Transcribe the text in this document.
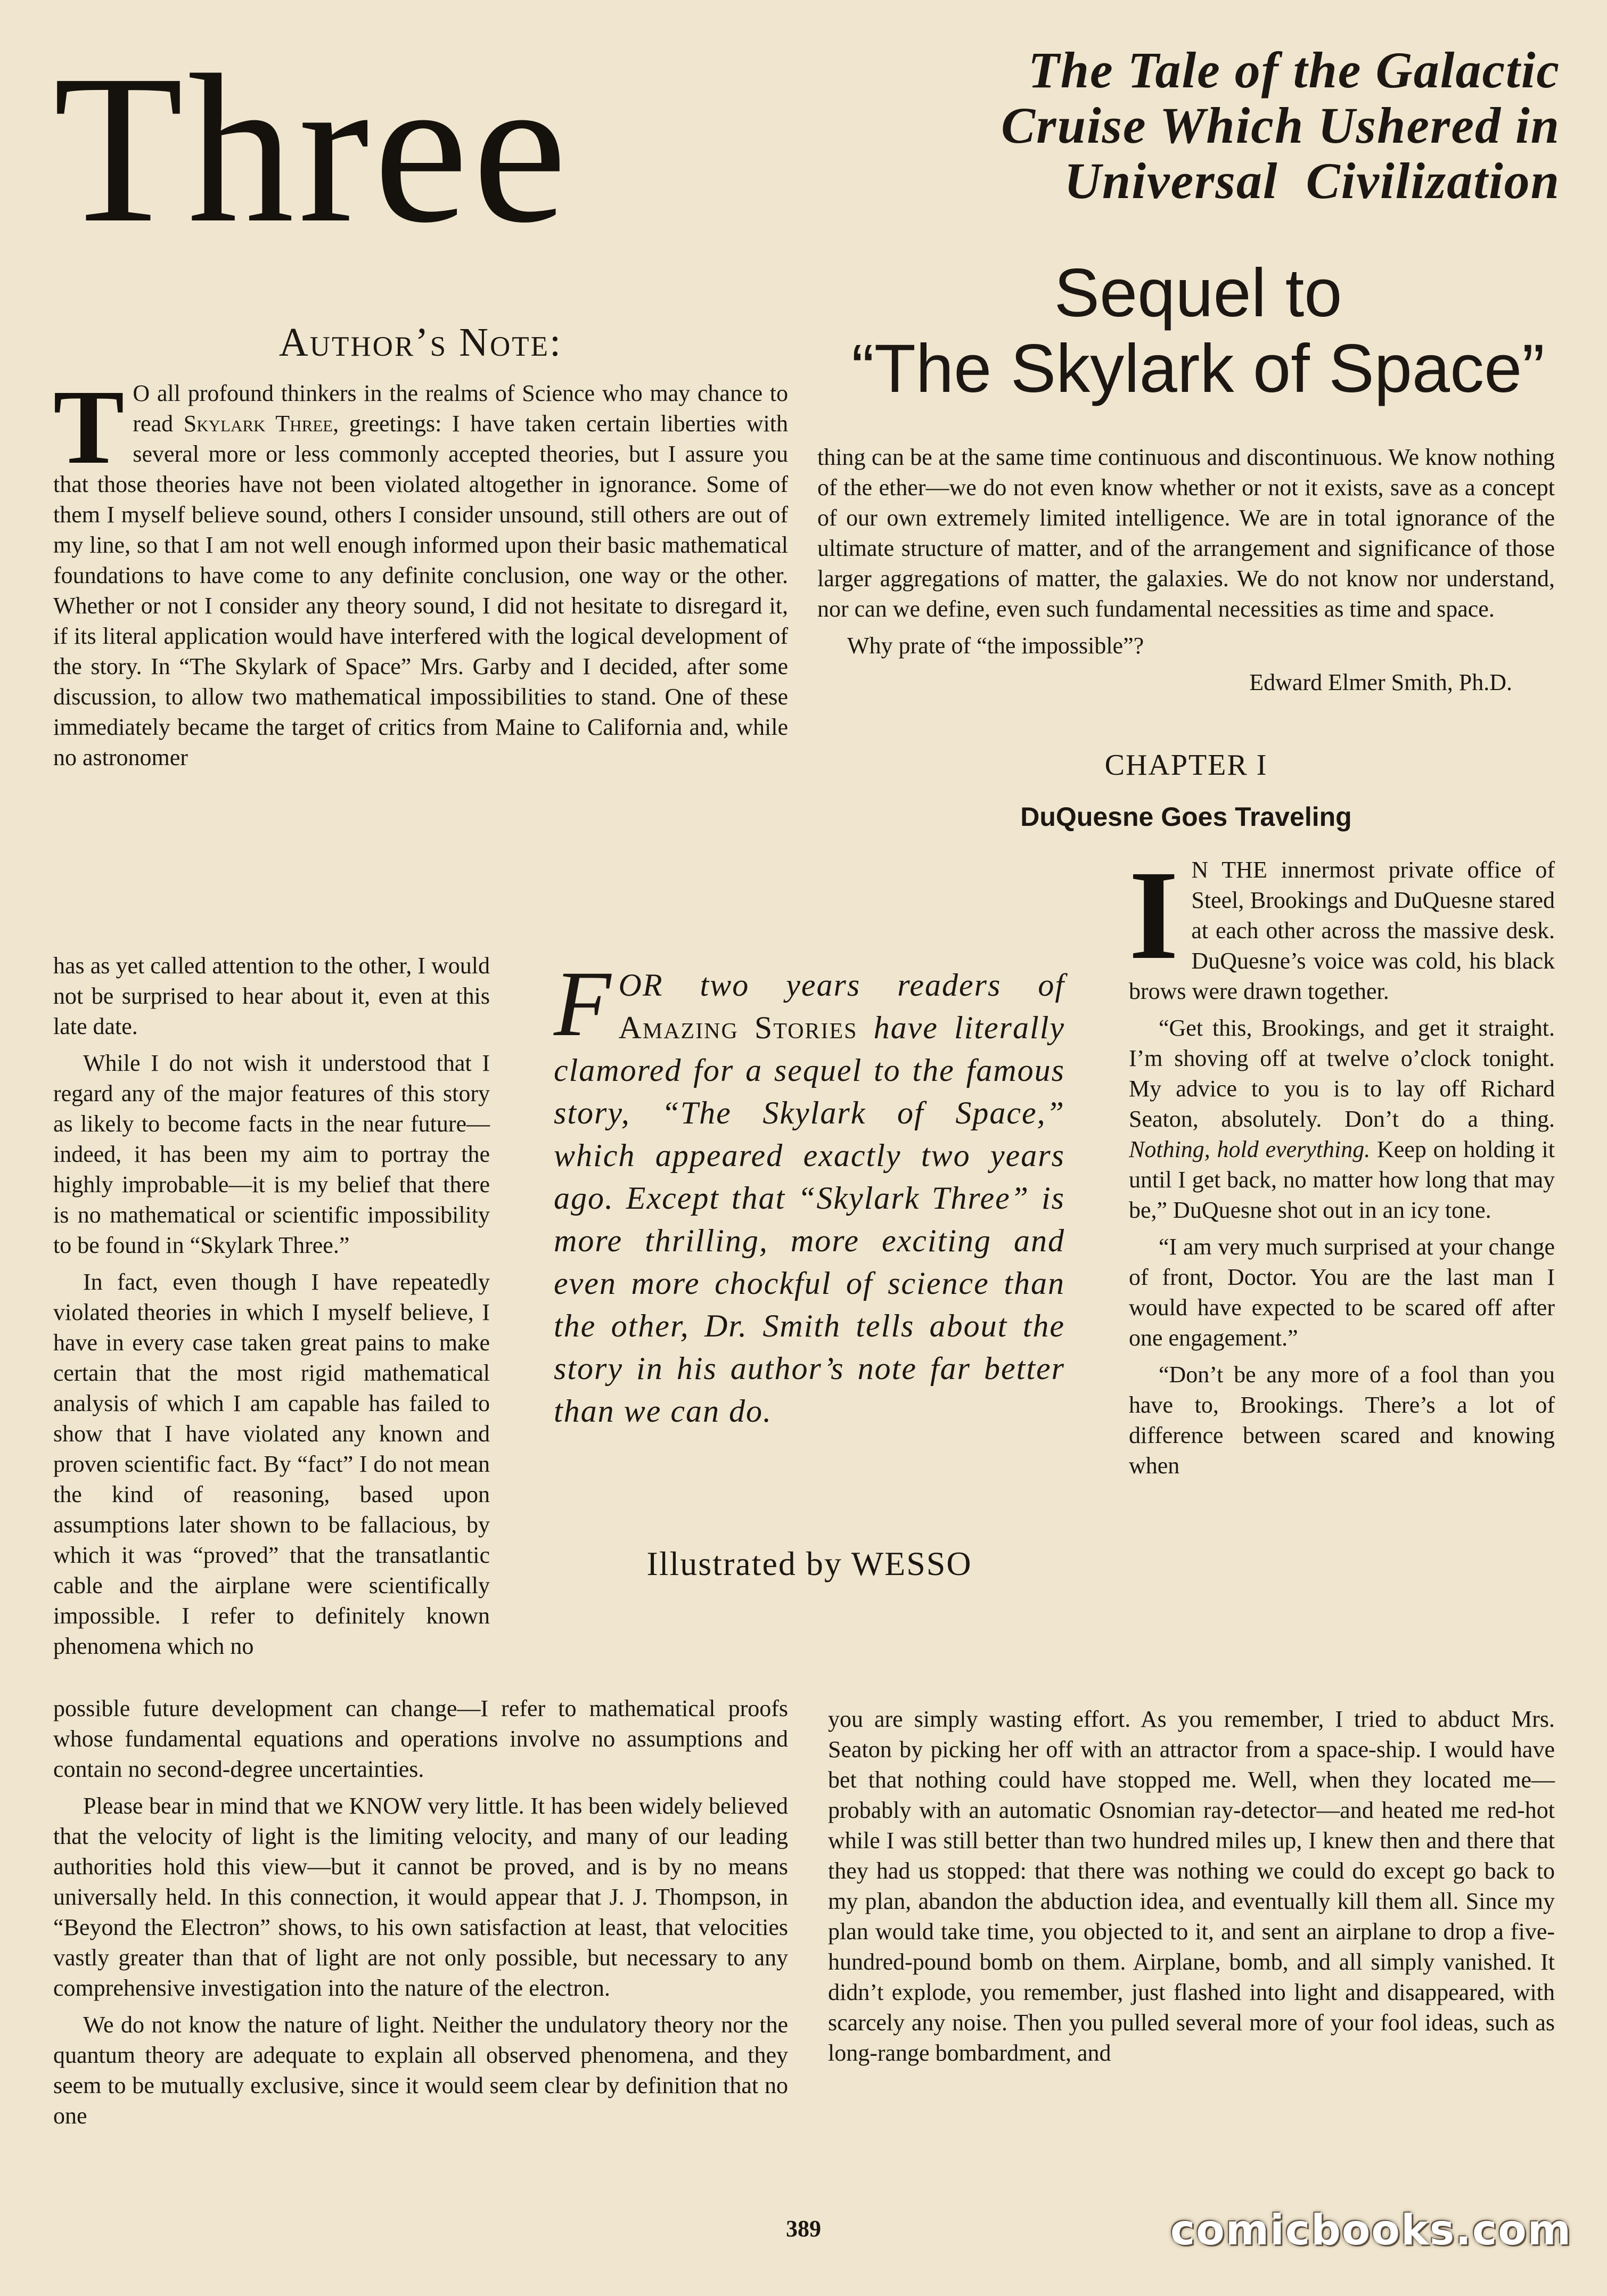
Three	The Tale of the Galactic
Cruise Which Ushered in
Universal  Civilization
Sequel to
“The Skylark of Space”
Author’s Note:

T O all profound thinkers in the realms of Science who may chance to read Skylark Three, greetings: I have taken certain liberties with several more or less commonly accepted theories, but I assure you that those theories have not been violated altogether in ignorance. Some of them I myself believe sound, others I consider unsound, still others are out of my line, so that I am not well enough informed upon their basic mathematical foundations to have come to any definite conclusion, one way or the other. Whether or not I consider any theory sound, I did not hesitate to disregard it, if its literal application would have interfered with the logical development of the story. In “The Skylark of Space” Mrs. Garby and I decided, after some discussion, to allow two mathematical impossibilities to stand. One of these immediately became the target of critics from Maine to California and, while no astronomer

has as yet called attention to the other, I would not be surprised to hear about it, even at this late date.

While I do not wish it understood that I regard any of the major features of this story as likely to become facts in the near future—indeed, it has been my aim to portray the highly improbable—it is my belief that there is no mathematical or scientific impossibility to be found in “Skylark Three.”

In fact, even though I have repeatedly violated theories in which I myself believe, I have in every case taken great pains to make certain that the most rigid mathematical analysis of which I am capable has failed to show that I have violated any known and proven scientific fact. By “fact” I do not mean the kind of reasoning, based upon assumptions later shown to be fallacious, by which it was “proved” that the transatlantic cable and the airplane were scientifically impossible. I refer to definitely known phenomena which no

possible future development can change—I refer to mathematical proofs whose fundamental equations and operations involve no assumptions and contain no second-degree uncertainties.

Please bear in mind that we KNOW very little. It has been widely believed that the velocity of light is the limiting velocity, and many of our leading authorities hold this view—but it cannot be proved, and is by no means universally held. In this connection, it would appear that J. J. Thompson, in “Beyond the Electron” shows, to his own satisfaction at least, that velocities vastly greater than that of light are not only possible, but necessary to any comprehensive investigation into the nature of the electron.

We do not know the nature of light. Neither the undulatory theory nor the quantum theory are adequate to explain all observed phenomena, and they seem to be mutually exclusive, since it would seem clear by definition that no one

thing can be at the same time continuous and discontinuous. We know nothing of the ether—we do not even know whether or not it exists, save as a concept of our own extremely limited intelligence. We are in total ignorance of the ultimate structure of matter, and of the arrangement and significance of those larger aggregations of matter, the galaxies. We do not know nor understand, nor can we define, even such fundamental necessities as time and space.

Why prate of “the impossible”?

Edward Elmer Smith, Ph.D.

CHAPTER I
DuQuesne Goes Traveling

I N THE innermost private office of Steel, Brookings and DuQuesne stared at each other across the massive desk. DuQuesne’s voice was cold, his black brows were drawn together.

“Get this, Brookings, and get it straight. I’m shoving off at twelve o’clock tonight. My advice to you is to lay off Richard Seaton, absolutely. Don’t do a thing. Nothing, hold everything. Keep on holding it until I get back, no matter how long that may be,” DuQuesne shot out in an icy tone.

“I am very much surprised at your change of front, Doctor. You are the last man I would have expected to be scared off after one engagement.”

“Don’t be any more of a fool than you have to, Brookings. There’s a lot of difference between scared and knowing when

you are simply wasting effort. As you remember, I tried to abduct Mrs. Seaton by picking her off with an attractor from a space-ship. I would have bet that nothing could have stopped me. Well, when they located me—probably with an automatic Osnomian ray-detector—and heated me red-hot while I was still better than two hundred miles up, I knew then and there that they had us stopped: that there was nothing we could do except go back to my plan, abandon the abduction idea, and eventually kill them all. Since my plan would take time, you objected to it, and sent an airplane to drop a five-hundred-pound bomb on them. Airplane, bomb, and all simply vanished. It didn’t explode, you remember, just flashed into light and disappeared, with scarcely any noise. Then you pulled several more of your fool ideas, such as long-range bombardment, and

FOR two years readers of Amazing Stories have literally clamored for a sequel to the famous story, “The Skylark of Space,” which appeared exactly two years ago. Except that “Skylark Three” is more thrilling, more exciting and even more chockful of science than the other, Dr. Smith tells about the story in his author’s note far better than we can do.
Illustrated by WESSO
389	comicbooks.com
